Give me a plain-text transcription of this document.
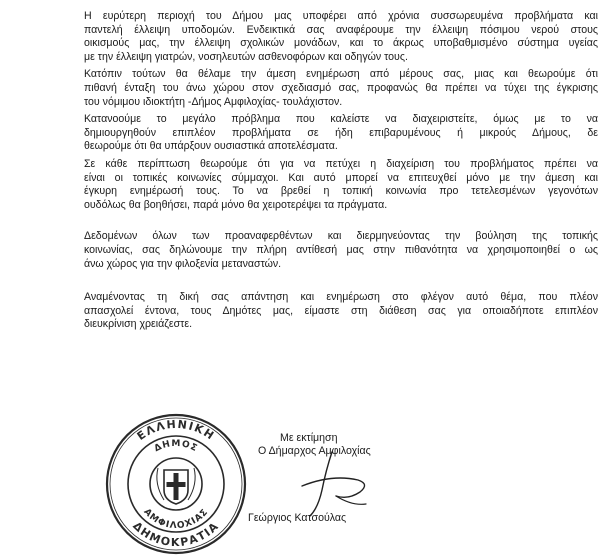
Η ευρύτερη περιοχή του Δήμου μας υποφέρει από χρόνια συσσωρευμένα προβλήματα και
παντελή έλλειψη υποδομών. Ενδεικτικά σας αναφέρουμε την έλλειψη πόσιμου νερού στους
οικισμούς μας, την έλλειψη σχολικών μονάδων, και το άκρως υποβαθμισμένο σύστημα υγείας
με την έλλειψη γιατρών, νοσηλευτών ασθενοφόρων και οδηγών τους.

Κατόπιν τούτων θα θέλαμε την άμεση ενημέρωση από μέρους σας, μιας και θεωρούμε ότι
πιθανή ένταξη του άνω χώρου στον σχεδιασμό σας, προφανώς θα πρέπει να τύχει της έγκρισης
του νόμιμου ιδιοκτήτη -Δήμος Αμφιλοχίας- τουλάχιστον.

Κατανοούμε το μεγάλο πρόβλημα που καλείστε να διαχειριστείτε, όμως με το να
δημιουργηθούν επιπλέον προβλήματα σε ήδη επιβαρυμένους ή μικρούς Δήμους, δε
θεωρούμε ότι θα υπάρξουν ουσιαστικά αποτελέσματα.

Σε κάθε περίπτωση θεωρούμε ότι για να πετύχει η διαχείριση του προβλήματος πρέπει να
είναι οι τοπικές κοινωνίες σύμμαχοι. Και αυτό μπορεί να επιτευχθεί μόνο με την άμεση και
έγκυρη ενημέρωσή τους. Το να βρεθεί η τοπική κοινωνία προ τετελεσμένων γεγονότων
ουδόλως θα βοηθήσει, παρά μόνο θα χειροτερέψει τα πράγματα.

Δεδομένων όλων των προαναφερθέντων και διερμηνεύοντας την βούληση της τοπικής
κοινωνίας, σας δηλώνουμε την πλήρη αντίθεσή μας στην πιθανότητα να χρησιμοποιηθεί ο ως
άνω χώρος για την φιλοξενία μεταναστών.

Αναμένοντας τη δική σας απάντηση και ενημέρωση στο φλέγον αυτό θέμα, που πλέον
απασχολεί έντονα, τους Δημότες μας, είμαστε στη διάθεση σας για οποιαδήποτε επιπλέον
διευκρίνιση χρειάζεστε.

ΕΛΛΗΝΙΚΗ
ΔΗΜΟΚΡΑΤΙΑ
ΔΗΜΟΣ
ΑΜΦΙΛΟΧΙΑΣ
Με εκτίμηση
Ο Δήμαρχος Αμφιλοχίας
Γεώργιος Κατσούλας
